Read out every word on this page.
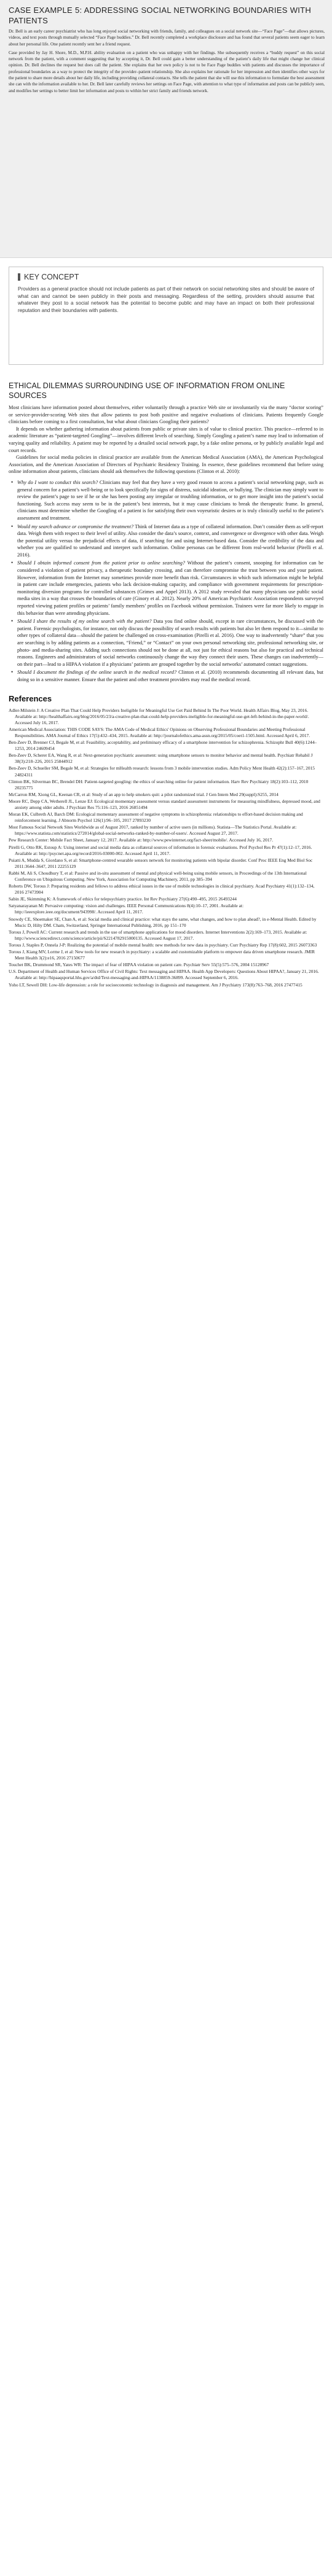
CASE EXAMPLE 5: ADDRESSING SOCIAL NETWORKING BOUNDARIES WITH PATIENTS

Dr. Bell is an early career psychiatrist who has long enjoyed social networking with friends, family, and colleagues on a social network site—“Face Page”—that allows pictures, videos, and text posts through mutually selected “Face Page buddies.” Dr. Bell recently completed a workplace disclosure and has found that several patients seem eager to learn about her personal life. One patient recently sent her a friend request.

Case provided by Jay H. Shore, M.D., M.P.H. ability evaluation on a patient who was unhappy with her findings. She subsequently receives a “buddy request” on this social network from the patient, with a comment suggesting that by accepting it, Dr. Bell could gain a better understanding of the patient’s daily life that might change her clinical opinion. Dr. Bell declines the request but does call the patient. She explains that her own policy is not to be Face Page buddies with patients and discusses the importance of professional boundaries as a way to protect the integrity of the provider–patient relationship. She also explains her rationale for her impression and then identifies other ways for the patient to share more details about her daily life, including providing collateral contacts. She tells the patient that she will use this information to formulate the best assessment she can with the information available to her. Dr. Bell later carefully reviews her settings on Face Page, with attention to what type of information and posts can be publicly seen, and modifies her settings to better limit her information and posts to within her strict family and friends network.

KEY CONCEPT
Providers as a general practice should not include patients as part of their network on social networking sites and should be aware of what can and cannot be seen publicly in their posts and messaging. Regardless of the setting, providers should assume that whatever they post to a social network has the potential to become public and may have an impact on both their professional reputation and their boundaries with patients.
ETHICAL DILEMMAS SURROUNDING USE OF INFORMATION FROM ONLINE SOURCES

Most clinicians have information posted about themselves, either voluntarily through a practice Web site or involuntarily via the many “doctor scoring” or service-provider-scoring Web sites that allow patients to post both positive and negative evaluations of clinicians. Patients frequently Google clinicians before coming to a first consultation, but what about clinicians Googling their patients?

It depends on whether gathering information about patients from public or private sites is of value to clinical practice. This practice—referred to in academic literature as “patient-targeted Googling”—involves different levels of searching. Simply Googling a patient’s name may lead to information of varying quality and reliability. A patient may be reported by a detailed social network page, by a fake online persona, or by publicly available legal and court records.

Guidelines for social media policies in clinical practice are available from the American Medical Association (AMA), the American Psychological Association, and the American Association of Directors of Psychiatric Residency Training. In essence, these guidelines recommend that before using online information about patients, clinicians should ask themselves the following questions (Clinton et al. 2010):

• Why do I want to conduct this search? Clinicians may feel that they have a very good reason to access a patient’s social networking page, such as general concern for a patient’s well-being or to look specifically for signs of distress, suicidal ideation, or bullying. The clinician may simply want to review the patient’s page to see if he or she has been posting any irregular or troubling information, or to get more insight into the patient’s social functioning. Such access may seem to be in the patient’s best interests, but it may cause clinicians to break the therapeutic frame. In general, clinicians must determine whether the Googling of a patient is for satisfying their own voyeuristic desires or is truly clinically useful to the patient’s assessment and treatment.
• Would my search advance or compromise the treatment? Think of Internet data as a type of collateral information. Don’t consider them as self-report data. Weigh them with respect to their level of utility. Also consider the data’s source, context, and convergence or divergence with other data. Weigh the potential utility versus the prejudicial effects of data, if searching for and using Internet-based data. Consider the credibility of the data and whether you are qualified to understand and interpret such information. Online personas can be different from real-world behavior (Pirelli et al. 2016).
• Should I obtain informed consent from the patient prior to online searching? Without the patient’s consent, snooping for information can be considered a violation of patient privacy, a therapeutic boundary crossing, and can therefore compromise the trust between you and your patient. However, information from the Internet may sometimes provide more benefit than risk. Circumstances in which such information might be helpful in patient care include emergencies, patients who lack decision-making capacity, and compliance with government requirements for prescription-monitoring diversion programs for controlled substances (Grimes and Appel 2013). A 2012 study revealed that many physicians use public social media sites in a way that crosses the boundaries of care (Ginory et al. 2012). Nearly 20% of American Psychiatric Association respondents surveyed reported viewing patient profiles or patients’ family members’ profiles on Facebook without permission. Trainees were far more likely to engage in this behavior than were attending physicians.
• Should I share the results of my online search with the patient? Data you find online should, except in rare circumstances, be discussed with the patient. Forensic psychologists, for instance, not only discuss the possibility of search results with patients but also let them respond to it—similar to other types of collateral data—should the patient be challenged on cross-examination (Pirelli et al. 2016). One way to inadvertently “share” that you are searching is by adding patients as a connection, “Friend,” or “Contact” on your own personal networking site, professional networking site, or photo- and media-sharing sites. Adding such connections should not be done at all, not just for ethical reasons but also for practical and technical reasons. Engineers and administrators of social networks continuously change the way they connect their users. These changes can inadvertently—on their part—lead to a HIPAA violation if a physicians’ patients are grouped together by the social networks’ automated contact suggestions.
• Should I document the findings of the online search in the medical record? Clinton et al. (2010) recommends documenting all relevant data, but doing so in a sensitive manner. Ensure that the patient and other treatment providers may read the medical record.
References
Adler-Milstein J: A Creative Plan That Could Help Providers Ineligible for Meaningful Use Get Paid Behind In The Poor World. Health Affairs Blog, May 23, 2016. Available at: http://healthaffairs.org/blog/2016/05/23/a-creative-plan-that-could-help-providers-ineligible-for-meaningful-use-get-left-behind-in-the-paper-world/. Accessed July 16, 2017.
American Medical Association: THIS CODE SAYS: The AMA Code of Medical Ethics' Opinions on Observing Professional Boundaries and Meeting Professional Responsibilities. AMA Journal of Ethics 17(5):432–434, 2015. Available at: http://journalofethics.ama-assn.org/2015/05/coet1-1505.html. Accessed April 6, 2017.
Ben-Zeev D, Brenner CJ, Begale M, et al: Feasibility, acceptability, and preliminary efficacy of a smartphone intervention for schizophrenia. Schizophr Bull 40(6):1244–1253, 2014 24609454
Ben-Zeev D, Scherer EA, Wang R, et al: Next-generation psychiatric assessment: using smartphone sensors to monitor behavior and mental health. Psychiatr Rehabil J 38(3):218–226, 2015 25844912
Ben-Zeev D, Schueller SM, Begale M, et al: Strategies for mHealth research: lessons from 3 mobile intervention studies. Adm Policy Ment Health 42(2):157–167, 2015 24824311
Clinton BK, Silverman BC, Brendel DH: Patient-targeted googling: the ethics of searching online for patient information. Harv Rev Psychiatry 18(2):103–112, 2010 20235775
McCarron RM, Xiong GL, Keenan CR, et al: Study of an app to help smokers quit: a pilot randomized trial. J Gen Intern Med 29(suppl):S255, 2014
Moore RC, Depp CA, Wetherell JL, Lenze EJ: Ecological momentary assessment versus standard assessment instruments for measuring mindfulness, depressed mood, and anxiety among older adults. J Psychiatr Res 75:116–123, 2016 26851494
Moran EK, Culbreth AJ, Barch DM: Ecological momentary assessment of negative symptoms in schizophrenia: relationships to effort-based decision making and reinforcement learning. J Abnorm Psychol 126(1):96–105, 2017 27893230
Most Famous Social Network Sites Worldwide as of August 2017, ranked by number of active users (in millions). Statista—The Statistics Portal. Available at: https://www.statista.com/statistics/272014/global-social-networks-ranked-by-number-of-users/. Accessed August 27, 2017.
Pew Research Center: Mobile Fact Sheet, January 12, 2017. Available at: http://www.pewinternet.org/fact-sheet/mobile/. Accessed July 16, 2017.
Pirelli G, Otto RK, Estoup A: Using internet and social media data as collateral sources of information in forensic evaluations. Prof Psychol Res Pr 47(1):12–17, 2016. Available at: http://psycnet.apa.org/record/2016-03000-002. Accessed April 11, 2017.
Puiatti A, Mudda S, Giordano S, et al: Smartphone-centred wearable sensors network for monitoring patients with bipolar disorder. Conf Proc IEEE Eng Med Biol Soc 2011:3644–3647, 2011 22255129
Rabbi M, Ali S, Choudhury T, et al: Passive and in-situ assessment of mental and physical well-being using mobile sensors, in Proceedings of the 13th International Conference on Ubiquitous Computing. New York, Association for Computing Machinery, 2011, pp 385–394
Roberts DW, Torous J: Preparing residents and fellows to address ethical issues in the use of mobile technologies in clinical psychiatry. Acad Psychiatry 41(1):132–134, 2016 27473904
Sabin JE, Skimming K: A framework of ethics for telepsychiatry practice. Int Rev Psychiatry 27(6):490–495, 2015 26493244
Satyanarayanan M: Pervasive computing: vision and challenges. IEEE Personal Communications 8(4):10–17, 2001. Available at: http://ieeexplore.ieee.org/document/943998/. Accessed April 11, 2017.
Snowdy CE, Shoemaker SE, Chan A, et al: Social media and clinical practice: what stays the same, what changes, and how to plan ahead?, in e-Mental Health. Edited by Mucic D, Hilty DM. Cham, Switzerland, Springer International Publishing, 2016, pp 151–170
Torous J, Powell AC: Current research and trends in the use of smartphone applications for mood disorders. Internet Interventions 2(2):169–173, 2015. Available at: http://www.sciencedirect.com/science/article/pii/S2214782915000135. Accessed August 17, 2017.
Torous J, Staples P, Onnela J-P: Realizing the potential of mobile mental health: new methods for new data in psychiatry. Curr Psychiatry Rep 17(8):602, 2015 26073363
Torous J, Kiang MV, Lorme J, et al: New tools for new research in psychiatry: a scalable and customizable platform to empower data driven smartphone research. JMIR Ment Health 3(2):e16, 2016 27150677
Touchet BK, Drummond SR, Yates WR: The impact of fear of HIPAA violation on patient care. Psychiatr Serv 55(5):575–576, 2004 15128967
U.S. Department of Health and Human Services Office of Civil Rights: Text messaging and HIPAA. Health App Developers: Questions About HIPAA?, January 21, 2016. Available at: http://hipaaqsportal.hhs.gov/a/dtd/Text-messaging-and-HIPAA/1138859-36899. Accessed September 6, 2016.
Yoho LT, Sewell DH: Low-life depression: a role for socioeconomic technology in diagnosis and management. Am J Psychiatry 173(8):763–768, 2016 27477415
